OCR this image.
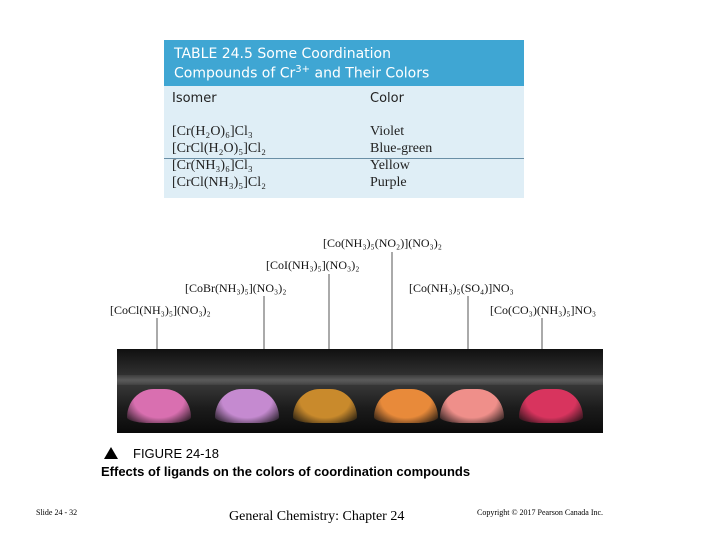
TABLE 24.5 Some Coordination
Compounds of $Cr^{3+}$ and Their Colors
Isomer	Color
[Cr(H₂O)₆]Cl₃	Violet
[CrCl(H₂O)₅]Cl₂	Blue-green
[Cr(NH₃)₆]Cl₃	Yellow
[CrCl(NH₃)₅]Cl₂	Purple
[Co(NH₃)₅(NO₂)](NO₃)₂
[CoI(NH₃)₅](NO₃)₂
[CoBr(NH₃)₅](NO₃)₂	[Co(NH₃)₅(SO₄)]NO₃
[CoCl(NH₃)₅](NO₃)₂	[Co(CO₃)(NH₃)₅]NO₃
FIGURE 24-18
Effects of ligands on the colors of coordination compounds
Slide 24 - 32	General Chemistry: Chapter 24	Copyright © 2017 Pearson Canada Inc.
